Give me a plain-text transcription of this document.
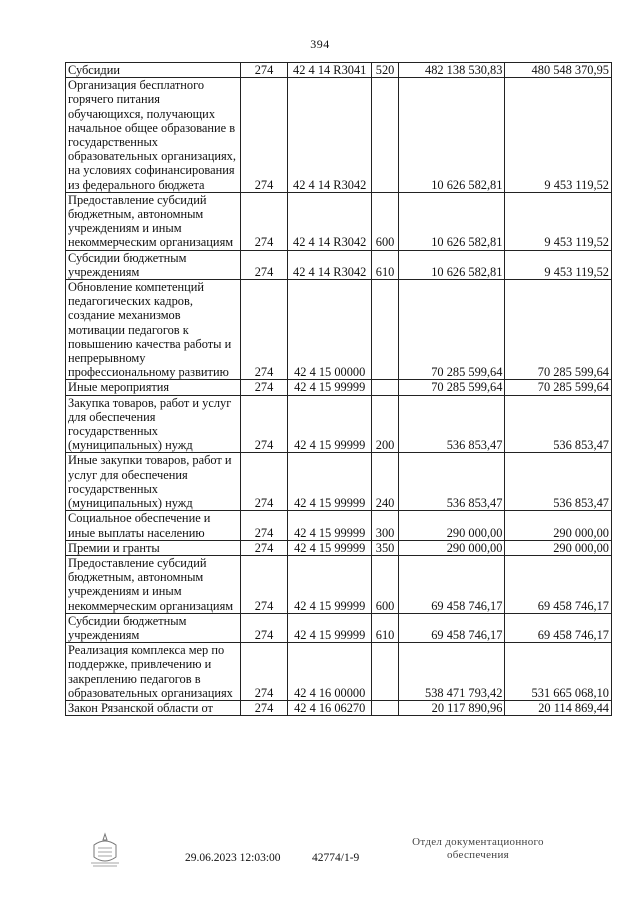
394
Субсидии	274	42 4 14 R3041	520	482 138 530,83	480 548 370,95
Организация бесплатного горячего питания обучающихся, получающих начальное общее образование в государственных образовательных организациях, на условиях софинансирования из федерального бюджета	274	42 4 14 R3042		10 626 582,81	9 453 119,52
Предоставление субсидий бюджетным, автономным учреждениям и иным некоммерческим организациям	274	42 4 14 R3042	600	10 626 582,81	9 453 119,52
Субсидии бюджетным учреждениям	274	42 4 14 R3042	610	10 626 582,81	9 453 119,52
Обновление компетенций педагогических кадров, создание механизмов мотивации педагогов к повышению качества работы и непрерывному профессиональному развитию	274	42 4 15 00000		70 285 599,64	70 285 599,64
Иные мероприятия	274	42 4 15 99999		70 285 599,64	70 285 599,64
Закупка товаров, работ и услуг для обеспечения государственных (муниципальных) нужд	274	42 4 15 99999	200	536 853,47	536 853,47
Иные закупки товаров, работ и услуг для обеспечения государственных (муниципальных) нужд	274	42 4 15 99999	240	536 853,47	536 853,47
Социальное обеспечение и иные выплаты населению	274	42 4 15 99999	300	290 000,00	290 000,00
Премии и гранты	274	42 4 15 99999	350	290 000,00	290 000,00
Предоставление субсидий бюджетным, автономным учреждениям и иным некоммерческим организациям	274	42 4 15 99999	600	69 458 746,17	69 458 746,17
Субсидии бюджетным учреждениям	274	42 4 15 99999	610	69 458 746,17	69 458 746,17
Реализация комплекса мер по поддержке, привлечению и закреплению педагогов в образовательных организациях	274	42 4 16 00000		538 471 793,42	531 665 068,10
Закон Рязанской области от	274	42 4 16 06270		20 117 890,96	20 114 869,44
29.06.2023 12:03:00	42774/1-9
Отдел документационного
обеспечения
